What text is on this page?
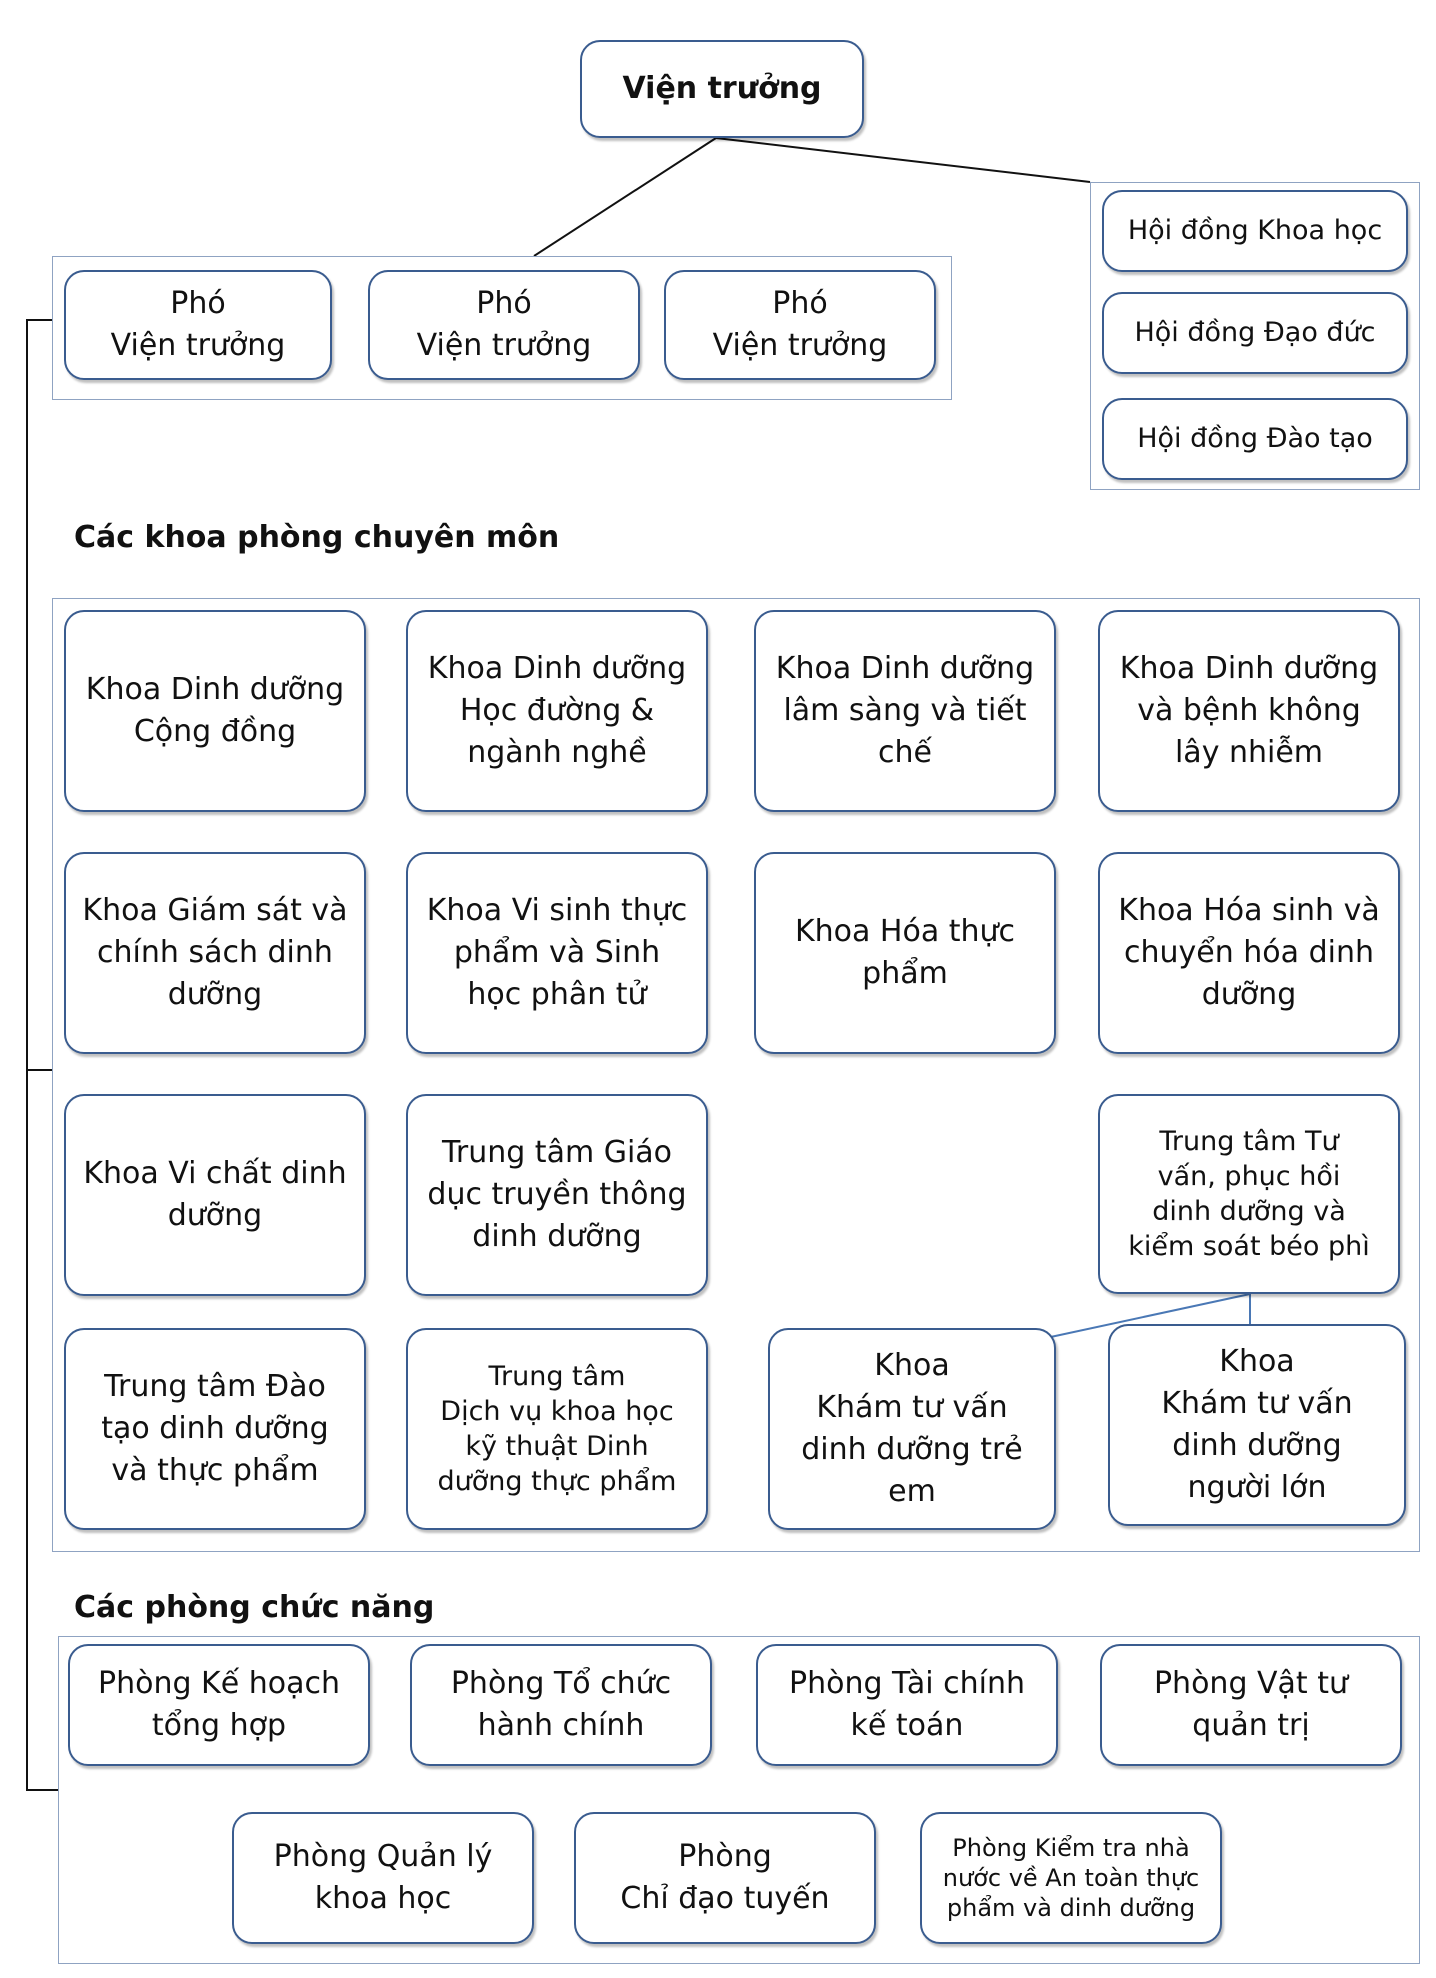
Viện trưởng
Phó
Viện trưởng
Phó
Viện trưởng
Phó
Viện trưởng
Hội đồng Khoa học
Hội đồng Đạo đức
Hội đồng Đào tạo
Các khoa phòng chuyên môn
Các phòng chức năng
Khoa Dinh dưỡng
Cộng đồng
Khoa Dinh dưỡng
Học đường &
ngành nghề
Khoa Dinh dưỡng
lâm sàng và tiết
chế
Khoa Dinh dưỡng
và bệnh không
lây nhiễm
Khoa Giám sát và
chính sách dinh
dưỡng
Khoa Vi sinh thực
phẩm và Sinh
học phân tử
Khoa Hóa thực
phẩm
Khoa Hóa sinh và
chuyển hóa dinh
dưỡng
Khoa Vi chất dinh
dưỡng
Trung tâm Giáo
dục truyền thông
dinh dưỡng
Trung tâm Tư
vấn, phục hồi
dinh dưỡng và
kiểm soát béo phì
Trung tâm Đào
tạo dinh dưỡng
và thực phẩm
Trung tâm
Dịch vụ khoa học
kỹ thuật Dinh
dưỡng thực phẩm
Khoa
Khám tư vấn
dinh dưỡng trẻ
em
Khoa
Khám tư vấn
dinh dưỡng
người lớn
Phòng Kế hoạch
tổng hợp
Phòng Tổ chức
hành chính
Phòng Tài chính
kế toán
Phòng Vật tư
quản trị
Phòng Quản lý
khoa học
Phòng
Chỉ đạo tuyến
Phòng Kiểm tra nhà
nước về An toàn thực
phẩm và dinh dưỡng
